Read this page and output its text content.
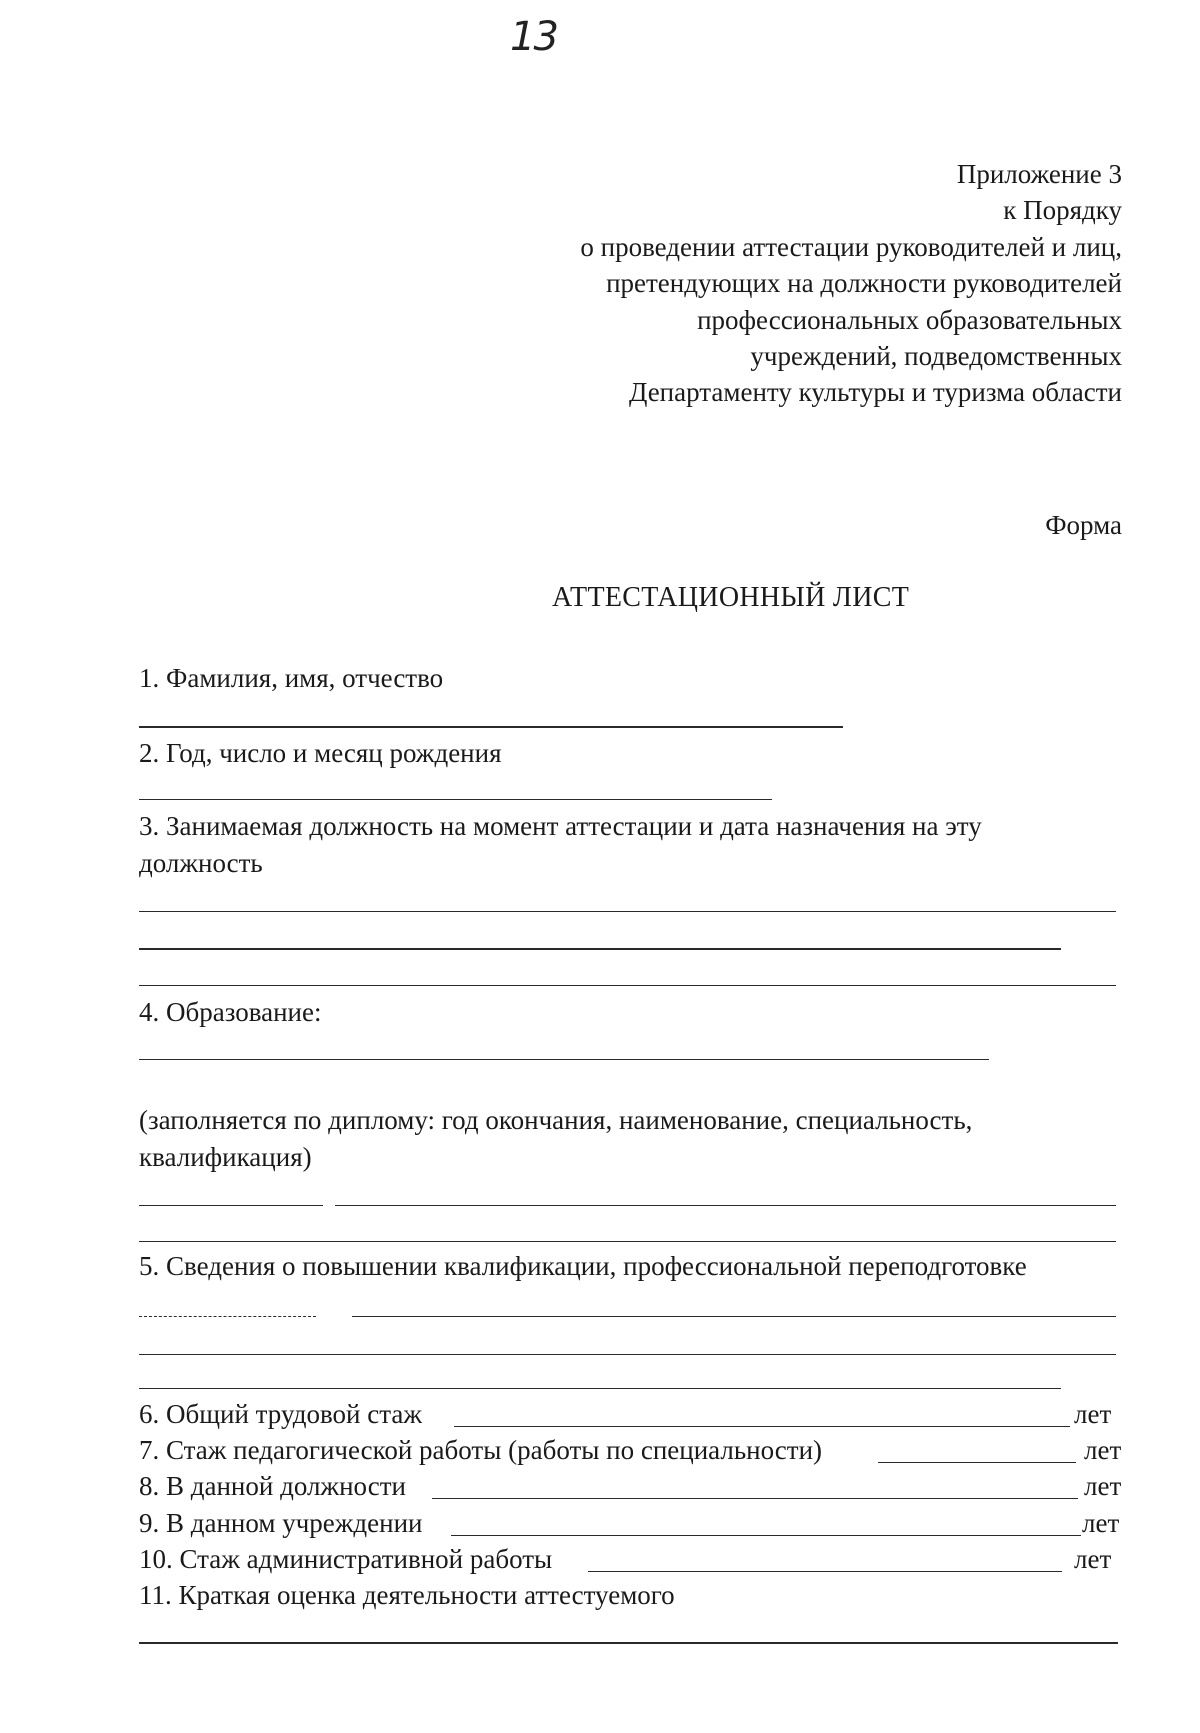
13
Приложение 3
к Порядку
о проведении аттестации руководителей и лиц,
претендующих на должности руководителей
профессиональных образовательных
учреждений, подведомственных
Департаменту культуры и туризма области
Форма
АТТЕСТАЦИОННЫЙ ЛИСТ
1. Фамилия, имя, отчество
2. Год, число и месяц рождения
3. Занимаемая должность на момент аттестации и дата назначения на эту
должность
4. Образование:
(заполняется по диплому: год окончания, наименование, специальность,
квалификация)
5. Сведения о повышении квалификации, профессиональной переподготовке
6. Общий трудовой стаж	лет
7. Стаж педагогической работы (работы по специальности)	лет
8. В данной должности	лет
9. В данном учреждении	лет
10. Стаж административной работы	лет
11. Краткая оценка деятельности аттестуемого
